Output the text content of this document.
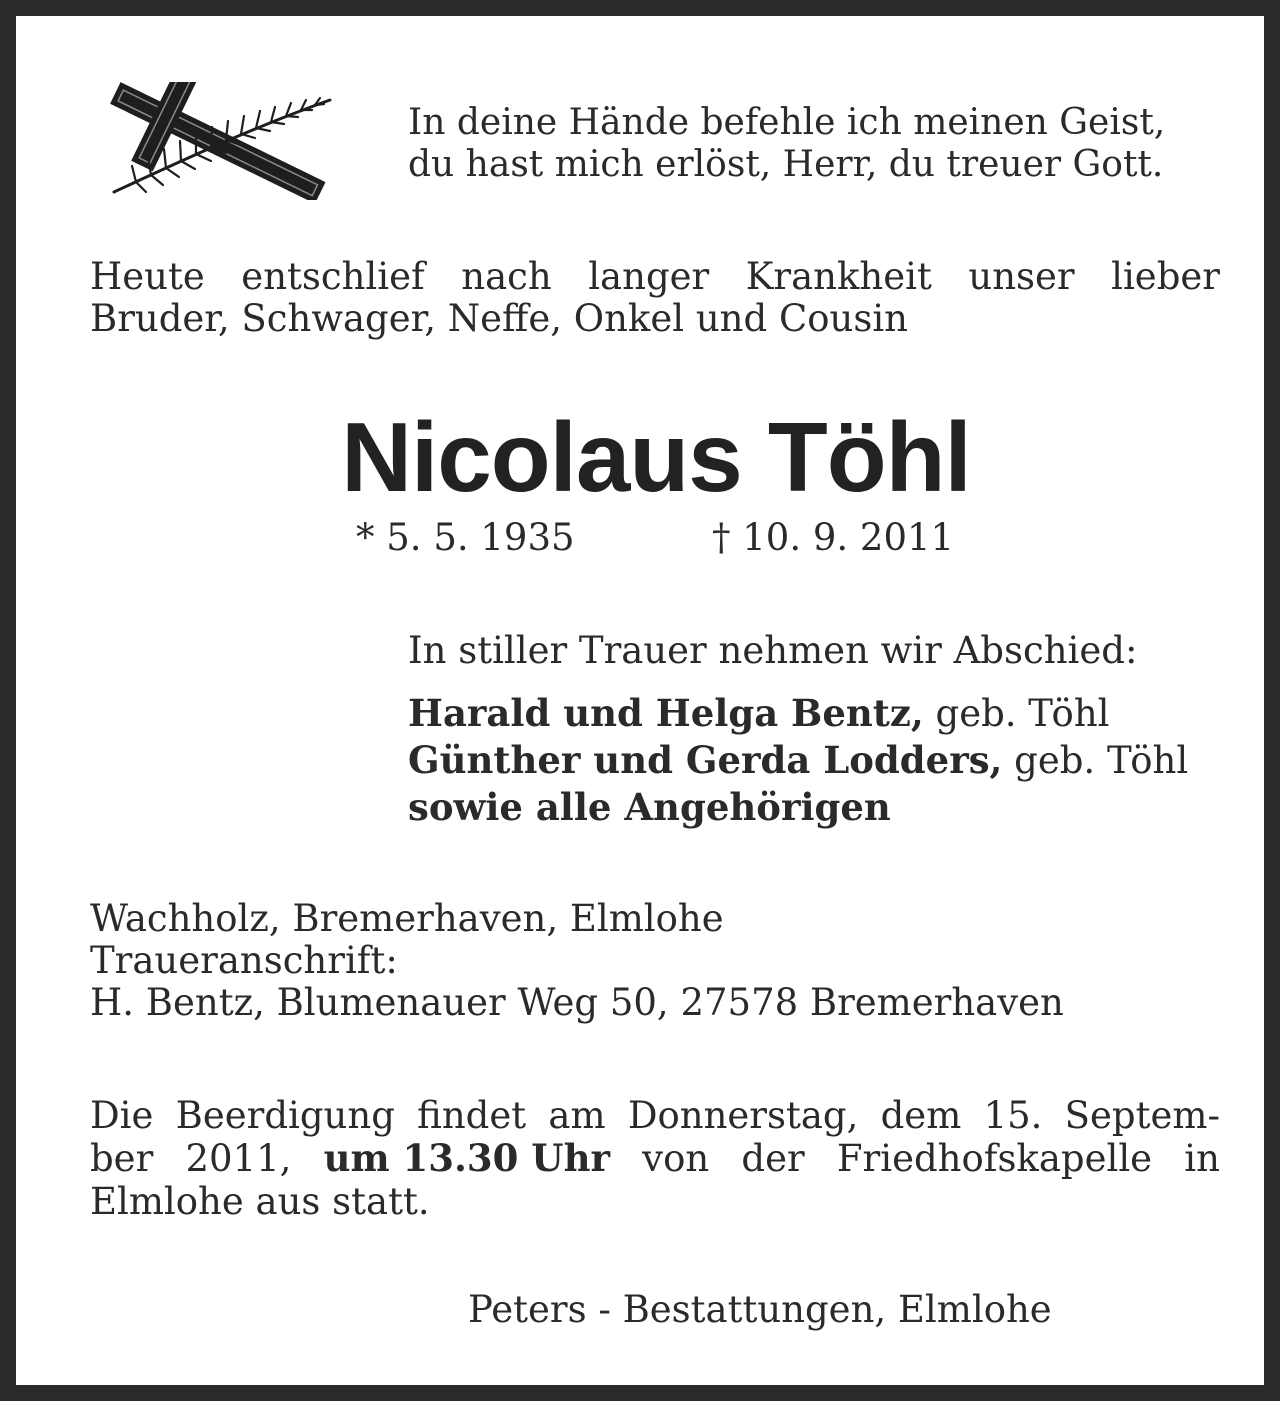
In deine Hände befehle ich meinen Geist,
du hast mich erlöst, Herr, du treuer Gott.
Heute entschlief nach langer Krankheit unser lieber
Bruder, Schwager, Neffe, Onkel und Cousin
Nicolaus Töhl
* 5. 5. 1935	† 10. 9. 2011
In stiller Trauer nehmen wir Abschied:
Harald und Helga Bentz, geb. Töhl
Günther und Gerda Lodders, geb. Töhl
sowie alle Angehörigen
Wachholz, Bremerhaven, Elmlohe
Traueranschrift:
H. Bentz, Blumenauer Weg 50, 27578 Bremerhaven
Die Beerdigung findet am Donnerstag, dem 15. Septem-
ber 2011, um 13.30 Uhr von der Friedhofskapelle in
Elmlohe aus statt.
Peters - Bestattungen, Elmlohe
